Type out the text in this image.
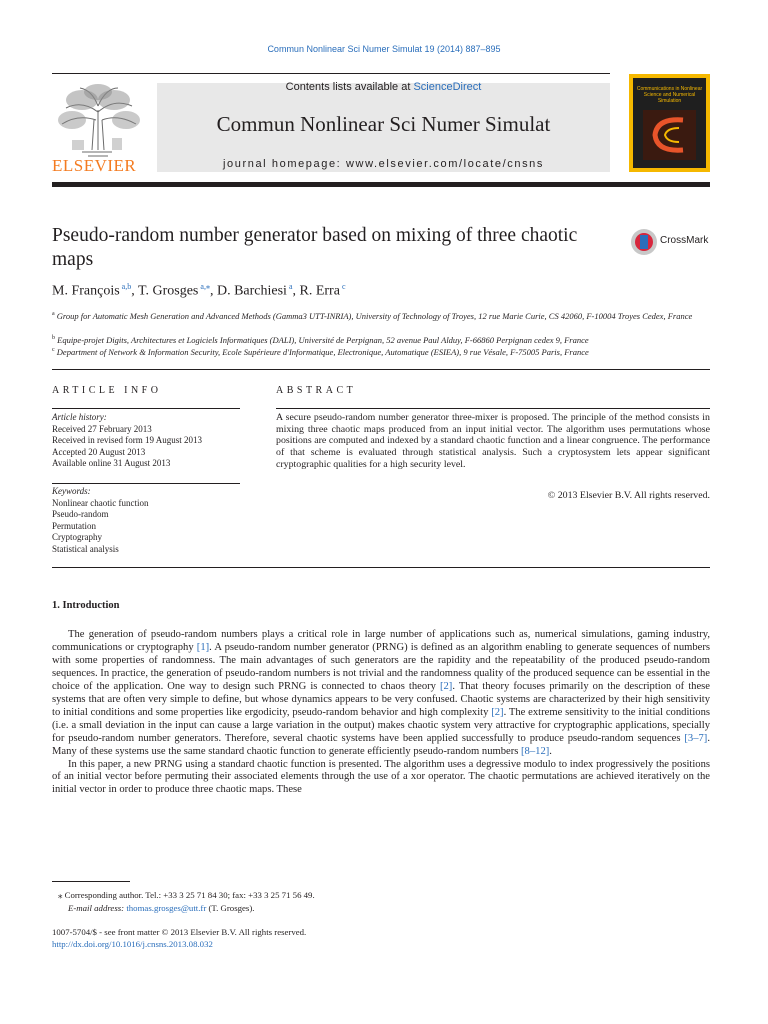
Commun Nonlinear Sci Numer Simulat 19 (2014) 887–895
ELSEVIER
Contents lists available at ScienceDirect
Commun Nonlinear Sci Numer Simulat
journal homepage: www.elsevier.com/locate/cnsns
Communications in Nonlinear Science and Numerical Simulation
Pseudo-random number generator based on mixing of three chaotic maps
CrossMark
M. François $^{a,b}$, T. Grosges $^{a,⁎}$, D. Barchiesi $^a$, R. Erra $^c$
$^a$ Group for Automatic Mesh Generation and Advanced Methods (Gamma3 UTT-INRIA), University of Technology of Troyes, 12 rue Marie Curie, CS 42060, F-10004 Troyes Cedex, France
$^b$ Equipe-projet Digits, Architectures et Logiciels Informatiques (DALI), Université de Perpignan, 52 avenue Paul Alduy, F-66860 Perpignan cedex 9, France
$^c$ Department of Network & Information Security, Ecole Supérieure d'Informatique, Electronique, Automatique (ESIEA), 9 rue Vésale, F-75005 Paris, France
ARTICLE INFO	ABSTRACT
Article history:
Received 27 February 2013
Received in revised form 19 August 2013
Accepted 20 August 2013
Available online 31 August 2013
Keywords:
Nonlinear chaotic function
Pseudo-random
Permutation
Cryptography
Statistical analysis
A secure pseudo-random number generator three-mixer is proposed. The principle of the method consists in mixing three chaotic maps produced from an input initial vector. The algorithm uses permutations whose positions are computed and indexed by a standard chaotic function and a linear congruence. The performance of that scheme is evaluated through statistical analysis. Such a cryptosystem lets appear significant cryptographic qualities for a high security level.
© 2013 Elsevier B.V. All rights reserved.
1. Introduction

The generation of pseudo-random numbers plays a critical role in large number of applications such as, numerical simulations, gaming industry, communications or cryptography [1]. A pseudo-random number generator (PRNG) is defined as an algorithm enabling to generate sequences of numbers with some properties of randomness. The main advantages of such generators are the rapidity and the repeatability of the produced pseudo-random sequences. In practice, the generation of pseudo-random numbers is not trivial and the randomness quality of the produced sequence can be essential in the choice of the application. One way to design such PRNG is connected to chaos theory [2]. That theory focuses primarily on the description of these systems that are often very simple to define, but whose dynamics appears to be very confused. Chaotic systems are characterized by their high sensitivity to initial conditions and some properties like ergodicity, pseudo-random behavior and high complexity [2]. The extreme sensitivity to the initial conditions (i.e. a small deviation in the input can cause a large variation in the output) makes chaotic system very attractive for cryptographic applications, specially for pseudo-random number generators. Therefore, several chaotic systems have been applied successfully to produce pseudo-random sequences [3–7]. Many of these systems use the same standard chaotic function to generate efficiently pseudo-random numbers [8–12].

In this paper, a new PRNG using a standard chaotic function is presented. The algorithm uses a degressive modulo to index progressively the positions of an initial vector before permuting their associated elements through the use of a xor operator. The chaotic permutations are achieved iteratively on the initial vector in order to produce three chaotic maps. These

⁎ Corresponding author. Tel.: +33 3 25 71 84 30; fax: +33 3 25 71 56 49.
E-mail address: thomas.grosges@utt.fr (T. Grosges).
1007-5704/$ - see front matter © 2013 Elsevier B.V. All rights reserved.
http://dx.doi.org/10.1016/j.cnsns.2013.08.032
